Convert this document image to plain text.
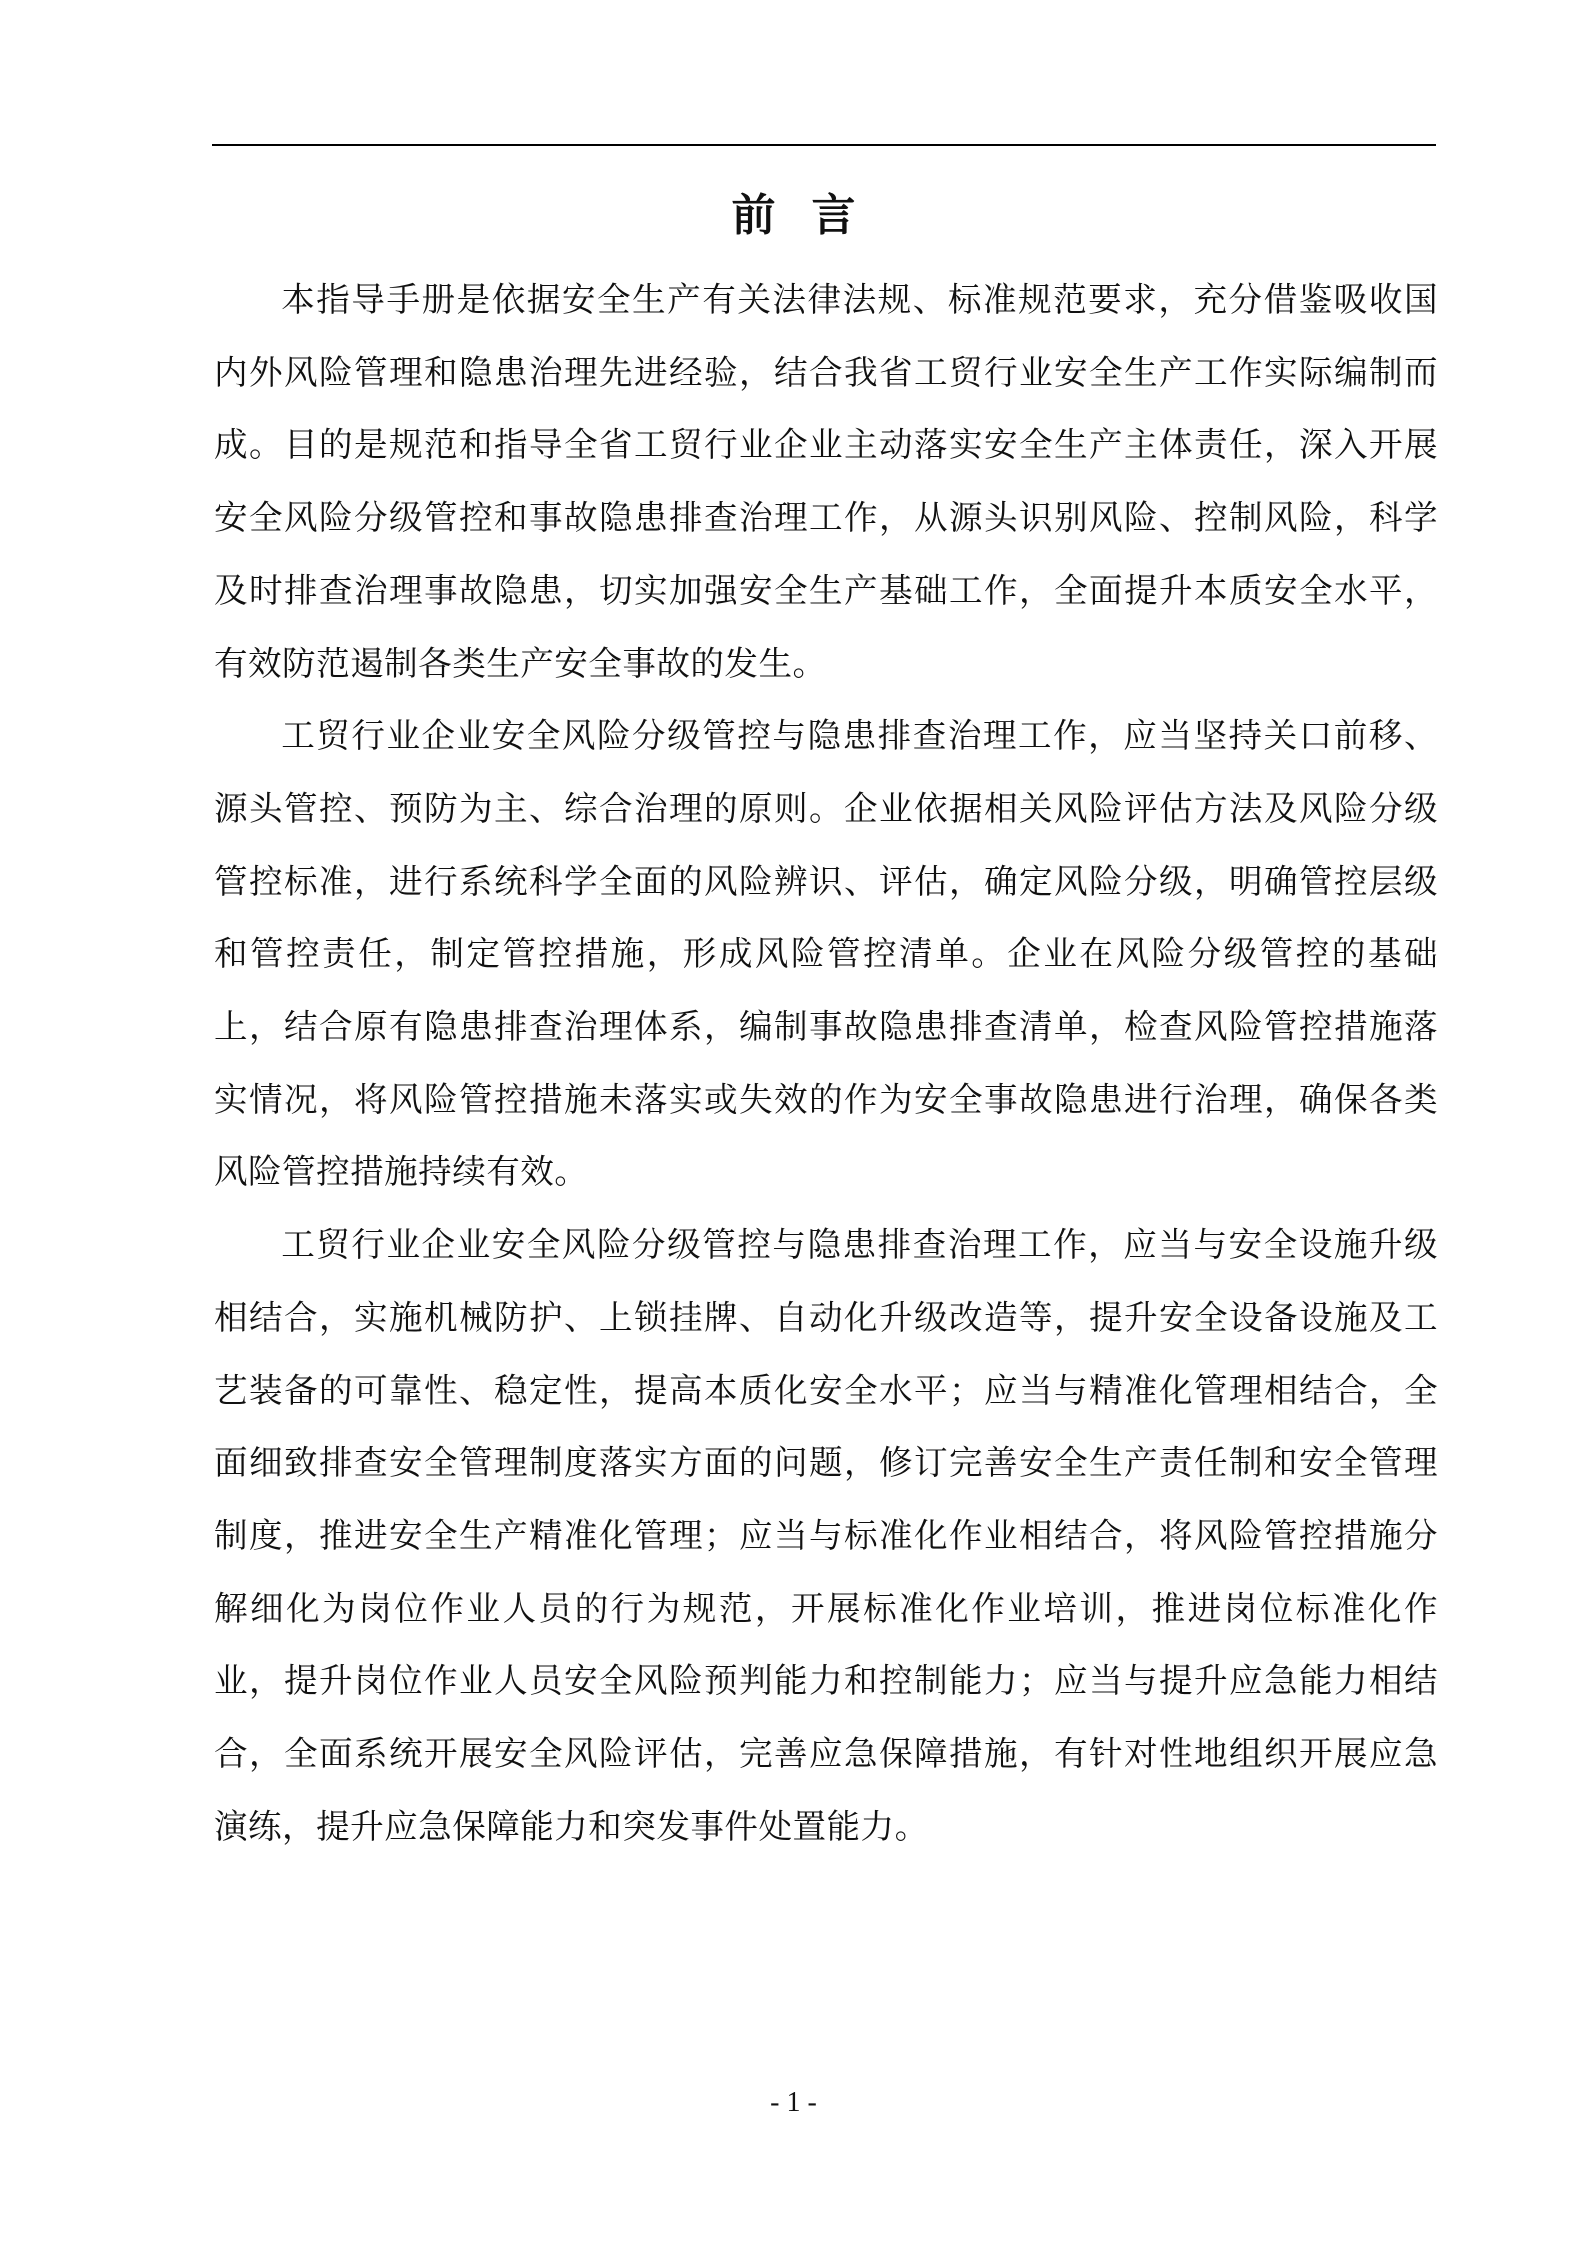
前言

本指导手册是依据安全生产有关法律法规、标准规范要求，充分借鉴吸收国内外风险管理和隐患治理先进经验，结合我省工贸行业安全生产工作实际编制而成。目的是规范和指导全省工贸行业企业主动落实安全生产主体责任，深入开展安全风险分级管控和事故隐患排查治理工作，从源头识别风险、控制风险，科学及时排查治理事故隐患，切实加强安全生产基础工作，全面提升本质安全水平，有效防范遏制各类生产安全事故的发生。

工贸行业企业安全风险分级管控与隐患排查治理工作，应当坚持关口前移、源头管控、预防为主、综合治理的原则。企业依据相关风险评估方法及风险分级管控标准，进行系统科学全面的风险辨识、评估，确定风险分级，明确管控层级和管控责任，制定管控措施，形成风险管控清单。企业在风险分级管控的基础上，结合原有隐患排查治理体系，编制事故隐患排查清单，检查风险管控措施落实情况，将风险管控措施未落实或失效的作为安全事故隐患进行治理，确保各类风险管控措施持续有效。

工贸行业企业安全风险分级管控与隐患排查治理工作，应当与安全设施升级相结合，实施机械防护、上锁挂牌、自动化升级改造等，提升安全设备设施及工艺装备的可靠性、稳定性，提高本质化安全水平；应当与精准化管理相结合，全面细致排查安全管理制度落实方面的问题，修订完善安全生产责任制和安全管理制度，推进安全生产精准化管理；应当与标准化作业相结合，将风险管控措施分解细化为岗位作业人员的行为规范，开展标准化作业培训，推进岗位标准化作业，提升岗位作业人员安全风险预判能力和控制能力；应当与提升应急能力相结合，全面系统开展安全风险评估，完善应急保障措施，有针对性地组织开展应急演练，提升应急保障能力和突发事件处置能力。

- 1 -
